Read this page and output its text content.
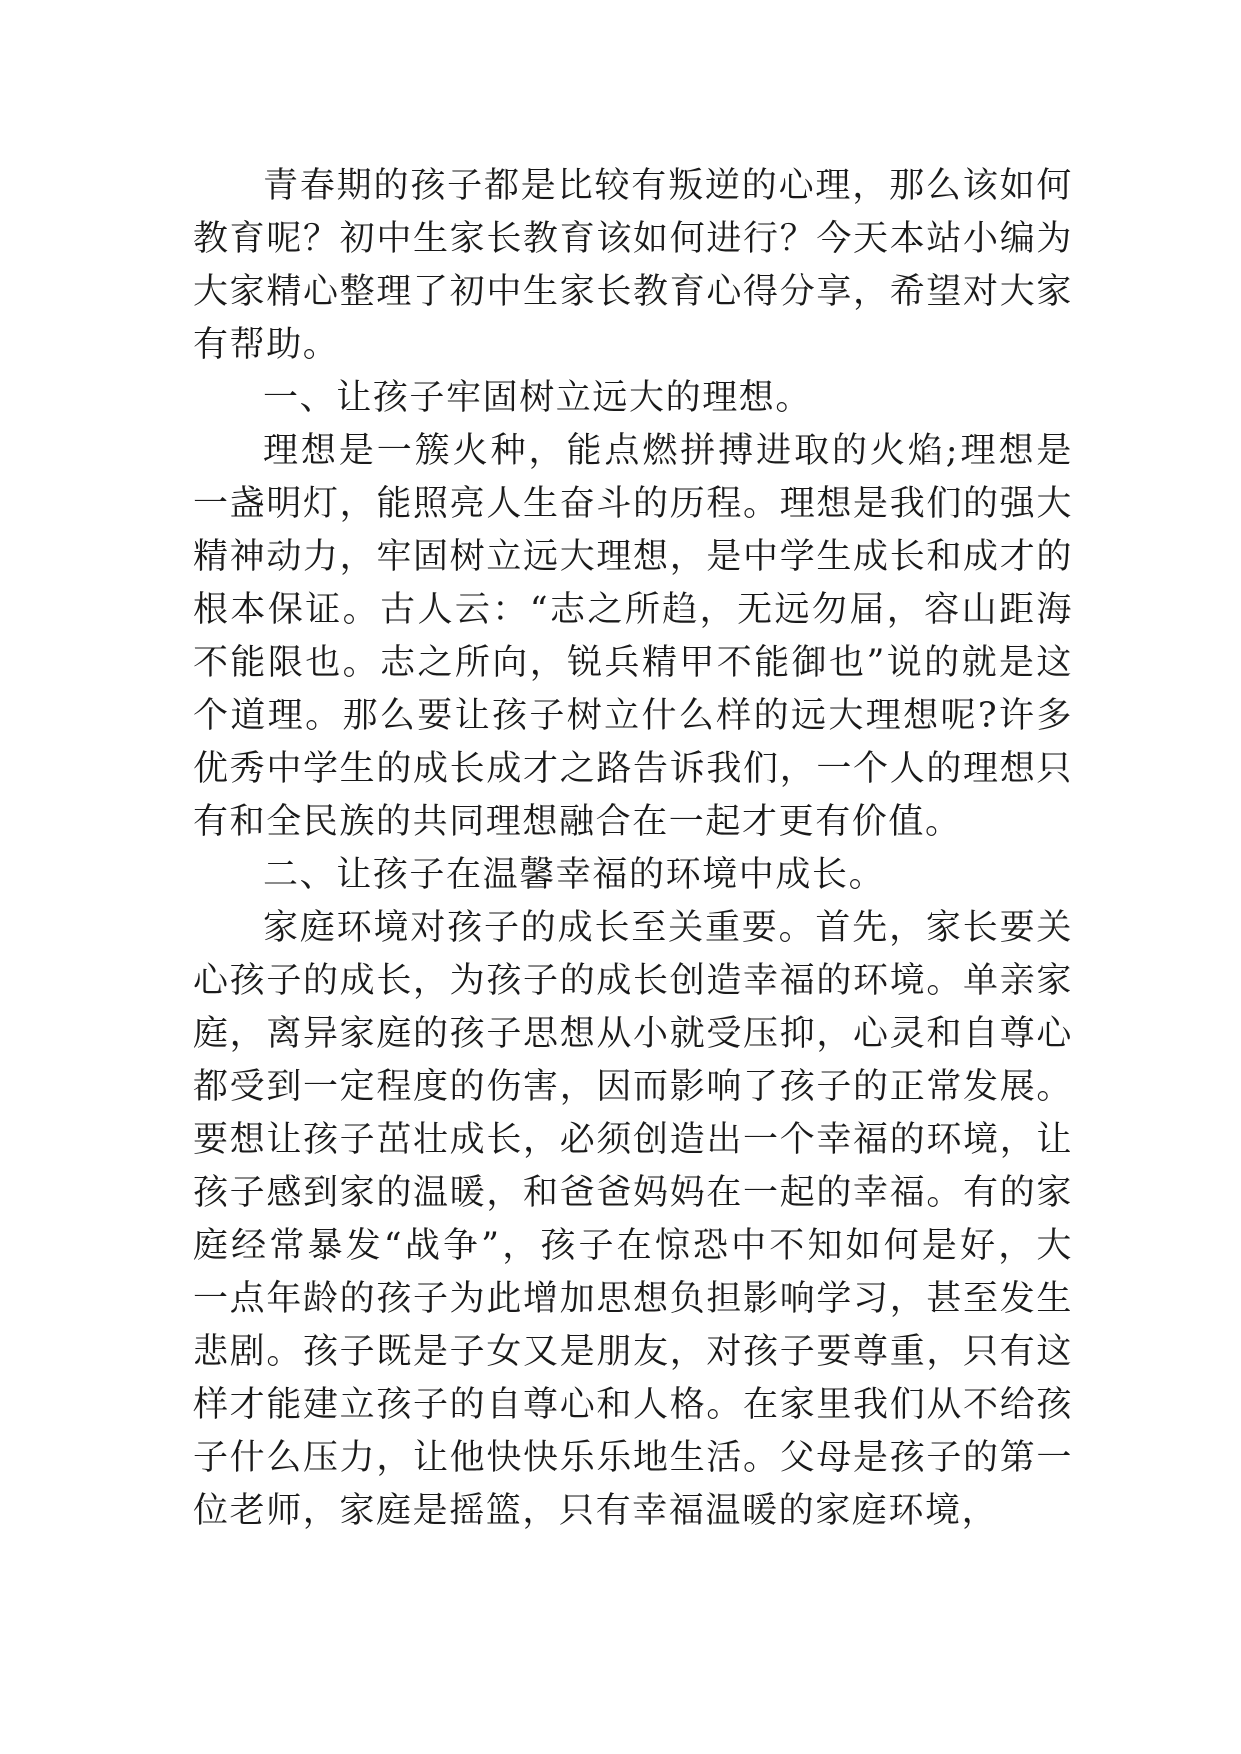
青春期的孩子都是比较有叛逆的心理，那么该如何教育呢？初中生家长教育该如何进行？今天本站小编为大家精心整理了初中生家长教育心得分享，希望对大家有帮助。

一、让孩子牢固树立远大的理想。

理想是一簇火种，能点燃拼搏进取的火焰;理想是一盏明灯，能照亮人生奋斗的历程。理想是我们的强大精神动力，牢固树立远大理想，是中学生成长和成才的根本保证。古人云：“志之所趋，无远勿届，容山距海不能限也。志之所向，锐兵精甲不能御也”说的就是这个道理。那么要让孩子树立什么样的远大理想呢?许多优秀中学生的成长成才之路告诉我们，一个人的理想只有和全民族的共同理想融合在一起才更有价值。

二、让孩子在温馨幸福的环境中成长。

家庭环境对孩子的成长至关重要。首先，家长要关心孩子的成长，为孩子的成长创造幸福的环境。单亲家庭，离异家庭的孩子思想从小就受压抑，心灵和自尊心都受到一定程度的伤害，因而影响了孩子的正常发展。要想让孩子茁壮成长，必须创造出一个幸福的环境，让孩子感到家的温暖，和爸爸妈妈在一起的幸福。有的家庭经常暴发“战争”，孩子在惊恐中不知如何是好，大一点年龄的孩子为此增加思想负担影响学习，甚至发生悲剧。孩子既是子女又是朋友，对孩子要尊重，只有这样才能建立孩子的自尊心和人格。在家里我们从不给孩子什么压力，让他快快乐乐地生活。父母是孩子的第一位老师，家庭是摇篮，只有幸福温暖的家庭环境，
